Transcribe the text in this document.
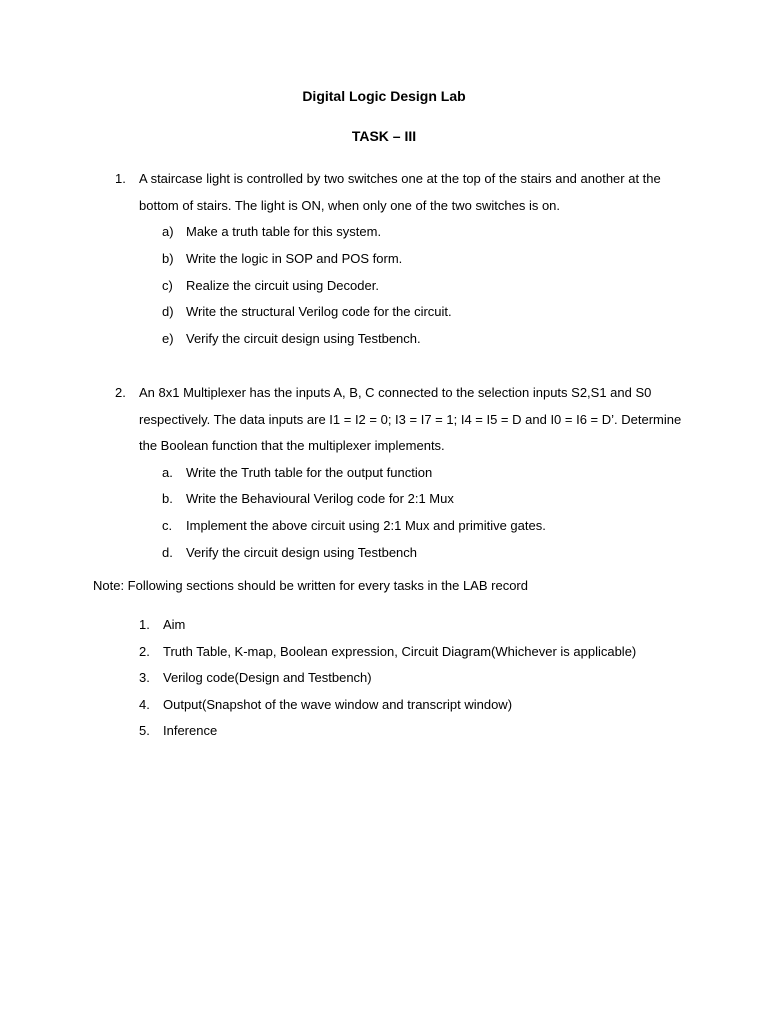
Digital Logic Design Lab
TASK – III
1. A staircase light is controlled by two switches one at the top of the stairs and another at the bottom of stairs. The light is ON, when only one of the two switches is on.
a) Make a truth table for this system.
b) Write the logic in SOP and POS form.
c) Realize the circuit using Decoder.
d) Write the structural Verilog code for the circuit.
e) Verify the circuit design using Testbench.
2. An 8x1 Multiplexer has the inputs A, B, C connected to the selection inputs S2,S1 and S0 respectively. The data inputs are I1 = I2 = 0; I3 = I7 = 1; I4 = I5 = D and I0 = I6 = D’. Determine the Boolean function that the multiplexer implements.
a. Write the Truth table for the output function
b. Write the Behavioural Verilog code for 2:1 Mux
c. Implement the above circuit using 2:1 Mux and primitive gates.
d. Verify the circuit design using Testbench
Note: Following sections should be written for every tasks in the LAB record
1. Aim
2. Truth Table, K-map, Boolean expression, Circuit Diagram(Whichever is applicable)
3. Verilog code(Design and Testbench)
4. Output(Snapshot of the wave window and transcript window)
5. Inference
